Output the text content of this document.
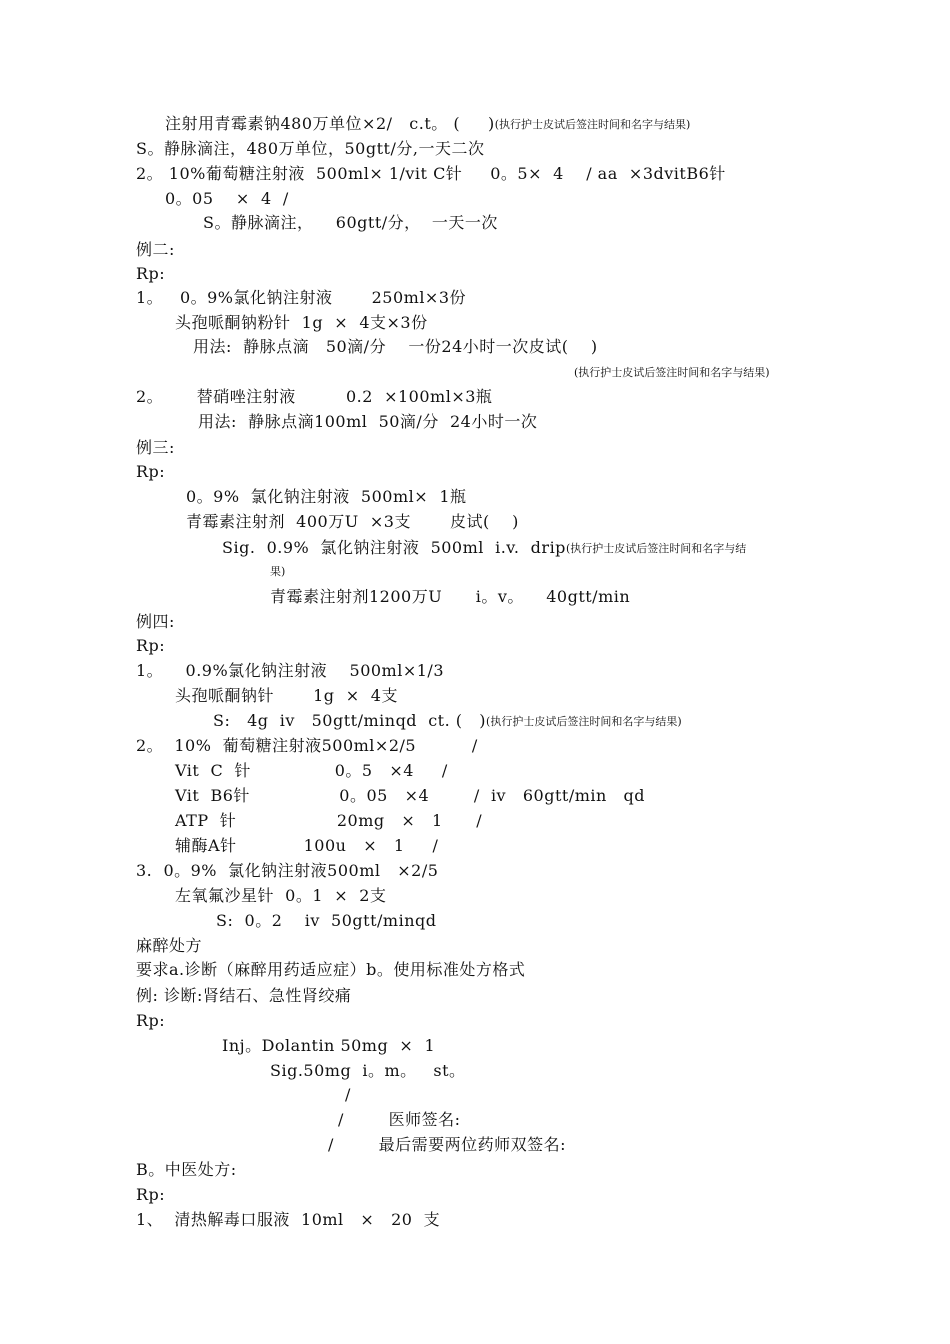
注射用青霉素钠480万单位×2/   c.t。 (     )(执行护士皮试后签注时间和名字与结果)
S。静脉滴注，480万单位，50gtt/分,一天二次
2。 10%葡萄糖注射液  500ml× 1/vit C针     0。5×  4    / aa  ×3dvitB6针
0。05    ×  4  /
S。静脉滴注，    60gtt/分，  一天一次
例二:
Rp:
1。   0。9%氯化钠注射液       250ml×3份
头孢哌酮钠粉针  1g  ×  4支×3份
用法:  静脉点滴   50滴/分    一份24小时一次皮试(    )
(执行护士皮试后签注时间和名字与结果)
2。      替硝唑注射液         0.2  ×100ml×3瓶
用法:  静脉点滴100ml  50滴/分  24小时一次
例三:
Rp:
0。9%  氯化钠注射液  500ml×  1瓶
青霉素注射剂  400万U  ×3支       皮试(    )
Sig.  0.9%  氯化钠注射液  500ml  i.v.  drip(执行护士皮试后签注时间和名字与结
果)
青霉素注射剂1200万U      i。v。    40gtt/min
例四:
Rp:
1。    0.9%氯化钠注射液    500ml×1/3
头孢哌酮钠针       1g  ×  4支
S:   4g  iv   50gtt/minqd  ct. (   )(执行护士皮试后签注时间和名字与结果)
2。  10%  葡萄糖注射液500ml×2/5          /
Vit  C  针               0。5   ×4     /
Vit  B6针                0。05   ×4        /  iv   60gtt/min   qd
ATP  针                  20mg   ×   1      /
辅酶A针            100u   ×   1     /
3.  0。9%  氯化钠注射液500ml   ×2/5
左氧氟沙星针  0。1  ×  2支
S:  0。2    iv  50gtt/minqd
麻醉处方
要求a.诊断（麻醉用药适应症）b。使用标准处方格式
例: 诊断:肾结石、急性肾绞痛
Rp:
Inj。Dolantin 50mg  ×  1
Sig.50mg  i。m。   st。
/
/        医师签名:
/        最后需要两位药师双签名:
B。中医处方:
Rp:
1、  清热解毒口服液  10ml   ×   20  支
